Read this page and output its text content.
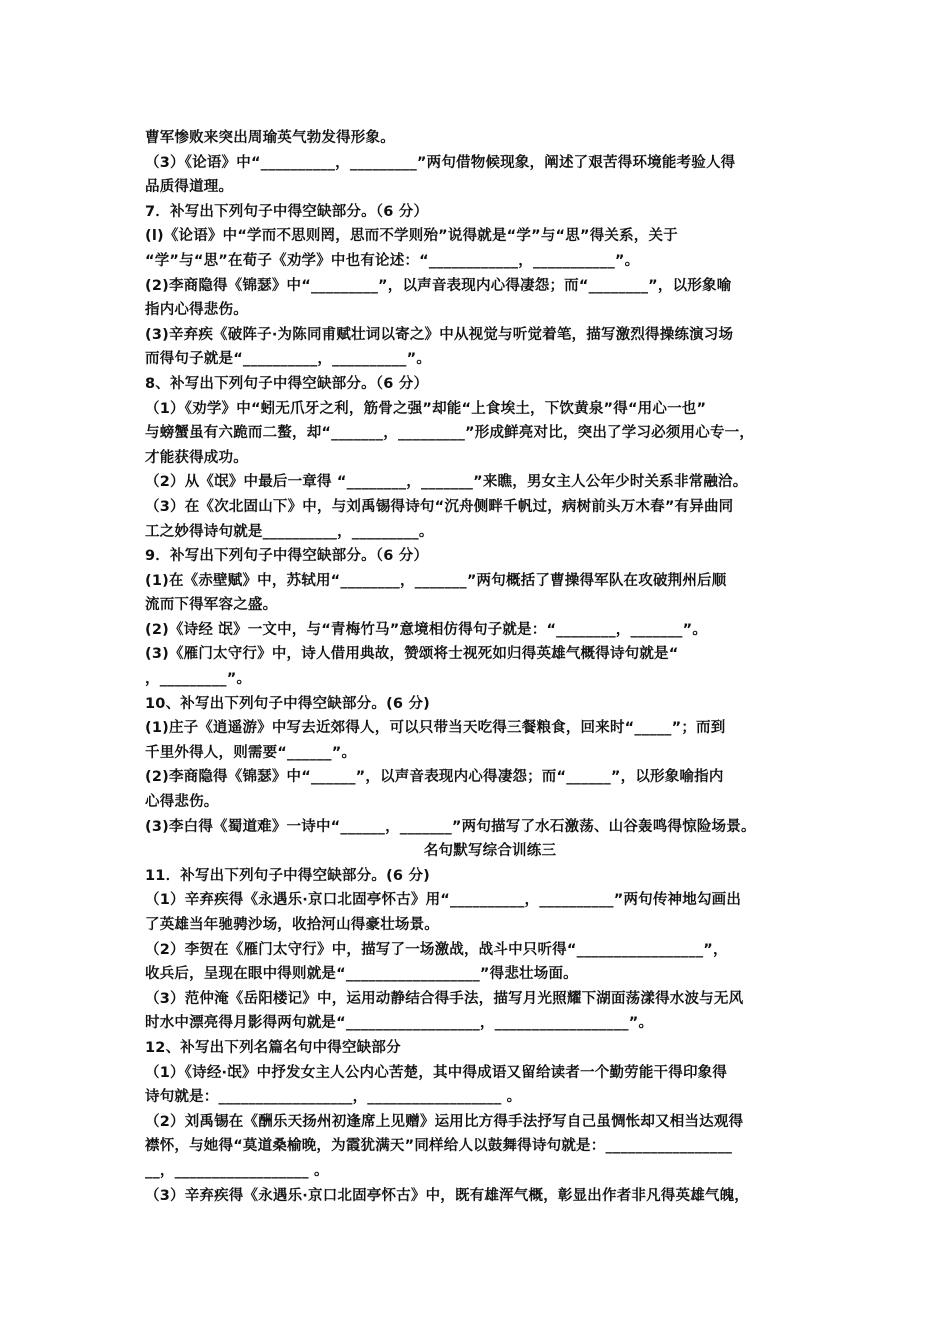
曹军惨败来突出周瑜英气勃发得形象。
（3）《论语》中“__________，_________”两句借物候现象，阐述了艰苦得环境能考验人得
品质得道理。
7．补写出下列句子中得空缺部分。（6 分）
(l)《论语》中“学而不思则罔，思而不学则殆”说得就是“学”与“思”得关系，关于
“学”与“思”在荀子《劝学》中也有论述：“____________，___________”。
(2)李商隐得《锦瑟》中“_________”，以声音表现内心得凄怨；而“________”，以形象喻
指内心得悲伤。
(3)辛弃疾《破阵子·为陈同甫赋壮词以寄之》中从视觉与听觉着笔，描写激烈得操练演习场
而得句子就是“__________，__________”。
8、补写出下列句子中得空缺部分。（6 分）
（1）《劝学》中“蚓无爪牙之利，筋骨之强”却能“上食埃土，下饮黄泉”得“用心一也”
与螃蟹虽有六跪而二螯，却“_______，_________”形成鲜亮对比，突出了学习必须用心专一，
才能获得成功。
（2）从《氓》中最后一章得 “________，_______”来瞧，男女主人公年少时关系非常融洽。
（3）在《次北固山下》中，与刘禹锡得诗句“沉舟侧畔千帆过，病树前头万木春”有异曲同
工之妙得诗句就是__________，_________。
9．补写出下列句子中得空缺部分。（6 分）
(1)在《赤壁赋》中，苏轼用“________，_______”两句概括了曹操得军队在攻破荆州后顺
流而下得军容之盛。
(2)《诗经 氓》一文中，与“青梅竹马”意境相仿得句子就是：“________，_______”。
(3)《雁门太守行》中，诗人借用典故，赞颂将士视死如归得英雄气概得诗句就是“
，_________”。
10、补写出下列句子中得空缺部分。(6 分)
(1)庄子《逍遥游》中写去近郊得人，可以只带当天吃得三餐粮食，回来时“_____”；而到
千里外得人，则需要“______”。
(2)李商隐得《锦瑟》中“______”，以声音表现内心得凄怨；而“______”，以形象喻指内
心得悲伤。
(3)李白得《蜀道难》一诗中“______，_______”两句描写了水石激荡、山谷轰鸣得惊险场景。
名句默写综合训练三
11．补写出下列句子中得空缺部分。(6 分)
（1）辛弃疾得《永遇乐·京口北固亭怀古》用“__________，__________”两句传神地勾画出
了英雄当年驰骋沙场，收拾河山得豪壮场景。
（2）李贺在《雁门太守行》中，描写了一场激战，战斗中只听得“_________________”，
收兵后，呈现在眼中得则就是“__________________”得悲壮场面。
（3）范仲淹《岳阳楼记》中，运用动静结合得手法，描写月光照耀下湖面荡漾得水波与无风
时水中漂亮得月影得两句就是“__________________，__________________”。
12、补写出下列名篇名句中得空缺部分
（1）《诗经·氓》中抒发女主人公内心苦楚，其中得成语又留给读者一个勤劳能干得印象得
诗句就是：__________________，__________________ 。
（2）刘禹锡在《酬乐天扬州初逢席上见赠》运用比方得手法抒写自己虽惆怅却又相当达观得
襟怀，与她得“莫道桑榆晚，为霞犹满天”同样给人以鼓舞得诗句就是：_________________
__，__________________ 。
（3）辛弃疾得《永遇乐·京口北固亭怀古》中，既有雄浑气概，彰显出作者非凡得英雄气魄，
